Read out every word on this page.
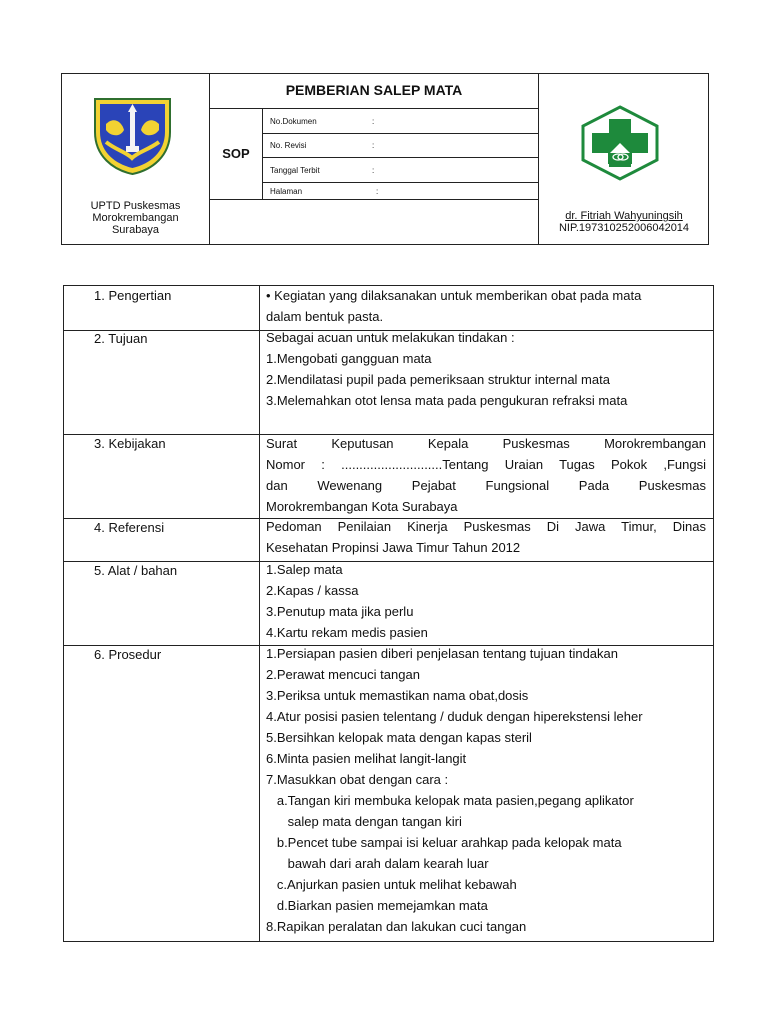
UPTD Puskesmas
Morokrembangan
Surabaya
PEMBERIAN SALEP MATA
SOP
No.Dokumen	:
No. Revisi	:
Tanggal Terbit	:
Halaman	:
dr. Fitriah Wahyuningsih
NIP.197310252006042014
1. Pengertian	• Kegiatan yang dilaksanakan untuk memberikan obat pada mata
dalam bentuk pasta.
2. Tujuan	Sebagai acuan untuk melakukan tindakan :
1.Mengobati gangguan mata
2.Mendilatasi pupil pada pemeriksaan struktur internal mata
3.Melemahkan otot lensa mata pada pengukuran refraksi mata
3. Kebijakan	Surat Keputusan Kepala Puskesmas Morokrembangan
Nomor : ............................Tentang Uraian Tugas Pokok ,Fungsi
dan Wewenang Pejabat Fungsional Pada Puskesmas
Morokrembangan Kota Surabaya
4. Referensi	Pedoman Penilaian Kinerja Puskesmas Di Jawa Timur, Dinas
Kesehatan Propinsi Jawa Timur Tahun 2012
5. Alat / bahan	1.Salep mata
2.Kapas / kassa
3.Penutup mata jika perlu
4.Kartu rekam medis pasien
6. Prosedur	1.Persiapan pasien diberi penjelasan tentang tujuan tindakan
2.Perawat mencuci tangan
3.Periksa untuk memastikan nama obat,dosis
4.Atur posisi pasien telentang / duduk dengan hiperekstensi leher
5.Bersihkan kelopak mata dengan kapas steril
6.Minta pasien melihat langit-langit
7.Masukkan obat dengan cara :
a.Tangan kiri membuka kelopak mata pasien,pegang aplikator
salep mata dengan tangan kiri
b.Pencet tube sampai isi keluar arahkap pada kelopak mata
bawah dari arah dalam kearah luar
c.Anjurkan pasien untuk melihat kebawah
d.Biarkan pasien memejamkan mata
8.Rapikan peralatan dan lakukan cuci tangan
